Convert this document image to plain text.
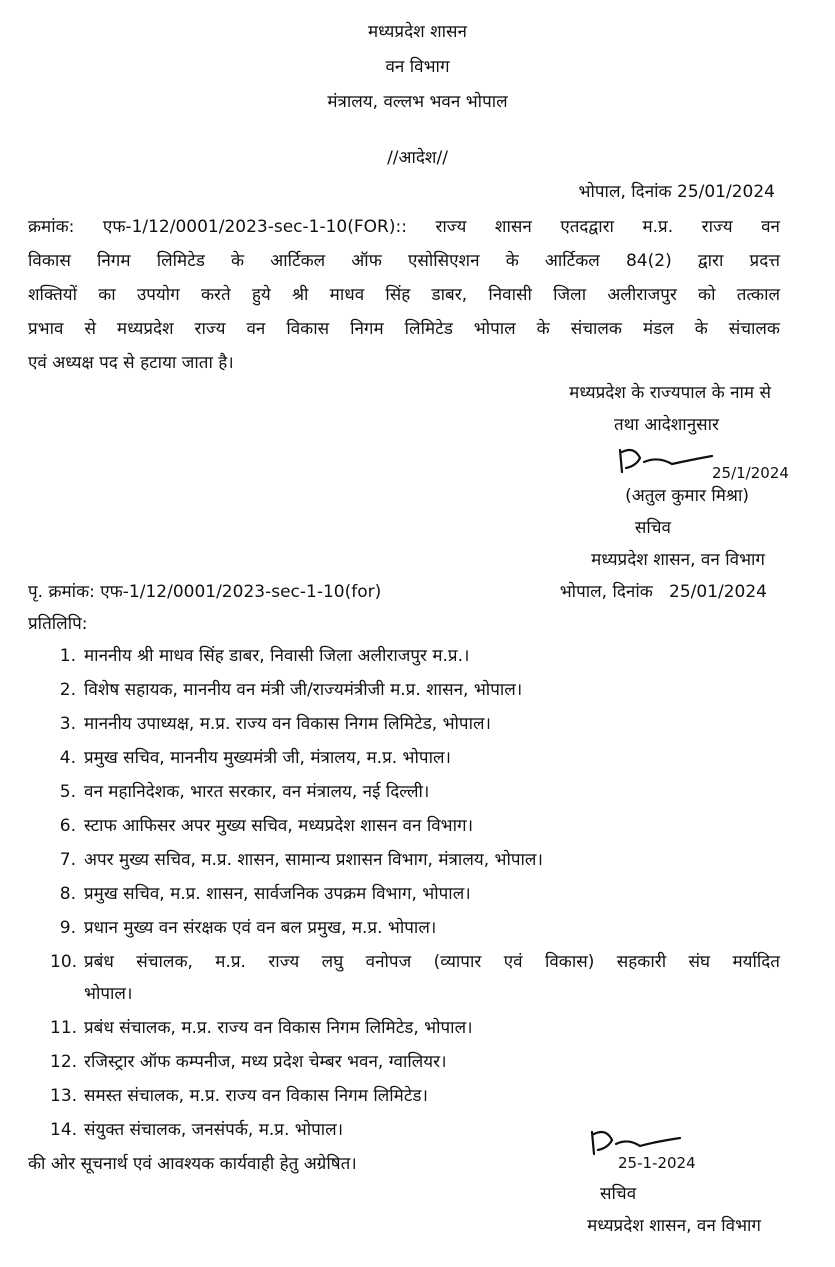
मध्यप्रदेश शासन
वन विभाग
मंत्रालय, वल्लभ भवन भोपाल
//आदेश//
भोपाल, दिनांक 25/01/2024
क्रमांक: एफ-1/12/0001/2023-sec-1-10(FOR):: राज्य शासन एतदद्वारा म.प्र. राज्य वन
विकास निगम लिमिटेड के आर्टिकल ऑफ एसोसिएशन के आर्टिकल 84(2) द्वारा प्रदत्त
शक्तियों का उपयोग करते हुये श्री माधव सिंह डाबर, निवासी जिला अलीराजपुर को तत्काल
प्रभाव से मध्यप्रदेश राज्य वन विकास निगम लिमिटेड भोपाल के संचालक मंडल के संचालक
एवं अध्यक्ष पद से हटाया जाता है।
मध्यप्रदेश के राज्यपाल के नाम से
तथा आदेशानुसार
25/1/2024
(अतुल कुमार मिश्रा)
सचिव
मध्यप्रदेश शासन, वन विभाग
पृ. क्रमांक: एफ-1/12/0001/2023-sec-1-10(for)	भोपाल, दिनांक   25/01/2024
प्रतिलिपि:
1. माननीय श्री माधव सिंह डाबर, निवासी जिला अलीराजपुर म.प्र.।
2. विशेष सहायक, माननीय वन मंत्री जी/राज्यमंत्रीजी म.प्र. शासन, भोपाल।
3. माननीय उपाध्यक्ष, म.प्र. राज्य वन विकास निगम लिमिटेड, भोपाल।
4. प्रमुख सचिव, माननीय मुख्यमंत्री जी, मंत्रालय, म.प्र. भोपाल।
5. वन महानिदेशक, भारत सरकार, वन मंत्रालय, नई दिल्ली।
6. स्टाफ आफिसर अपर मुख्य सचिव, मध्यप्रदेश शासन वन विभाग।
7. अपर मुख्य सचिव, म.प्र. शासन, सामान्य प्रशासन विभाग, मंत्रालय, भोपाल।
8. प्रमुख सचिव, म.प्र. शासन, सार्वजनिक उपक्रम विभाग, भोपाल।
9. प्रधान मुख्य वन संरक्षक एवं वन बल प्रमुख, म.प्र. भोपाल।
10. प्रबंध संचालक, म.प्र. राज्य लघु वनोपज (व्यापार एवं विकास) सहकारी संघ मर्यादित
भोपाल।
11. प्रबंध संचालक, म.प्र. राज्य वन विकास निगम लिमिटेड, भोपाल।
12. रजिस्ट्रार ऑफ कम्पनीज, मध्य प्रदेश चेम्बर भवन, ग्वालियर।
13. समस्त संचालक, म.प्र. राज्य वन विकास निगम लिमिटेड।
14. संयुक्त संचालक, जनसंपर्क, म.प्र. भोपाल।
की ओर सूचनार्थ एवं आवश्यक कार्यवाही हेतु अग्रेषित।	25-1-2024
सचिव
मध्यप्रदेश शासन, वन विभाग
